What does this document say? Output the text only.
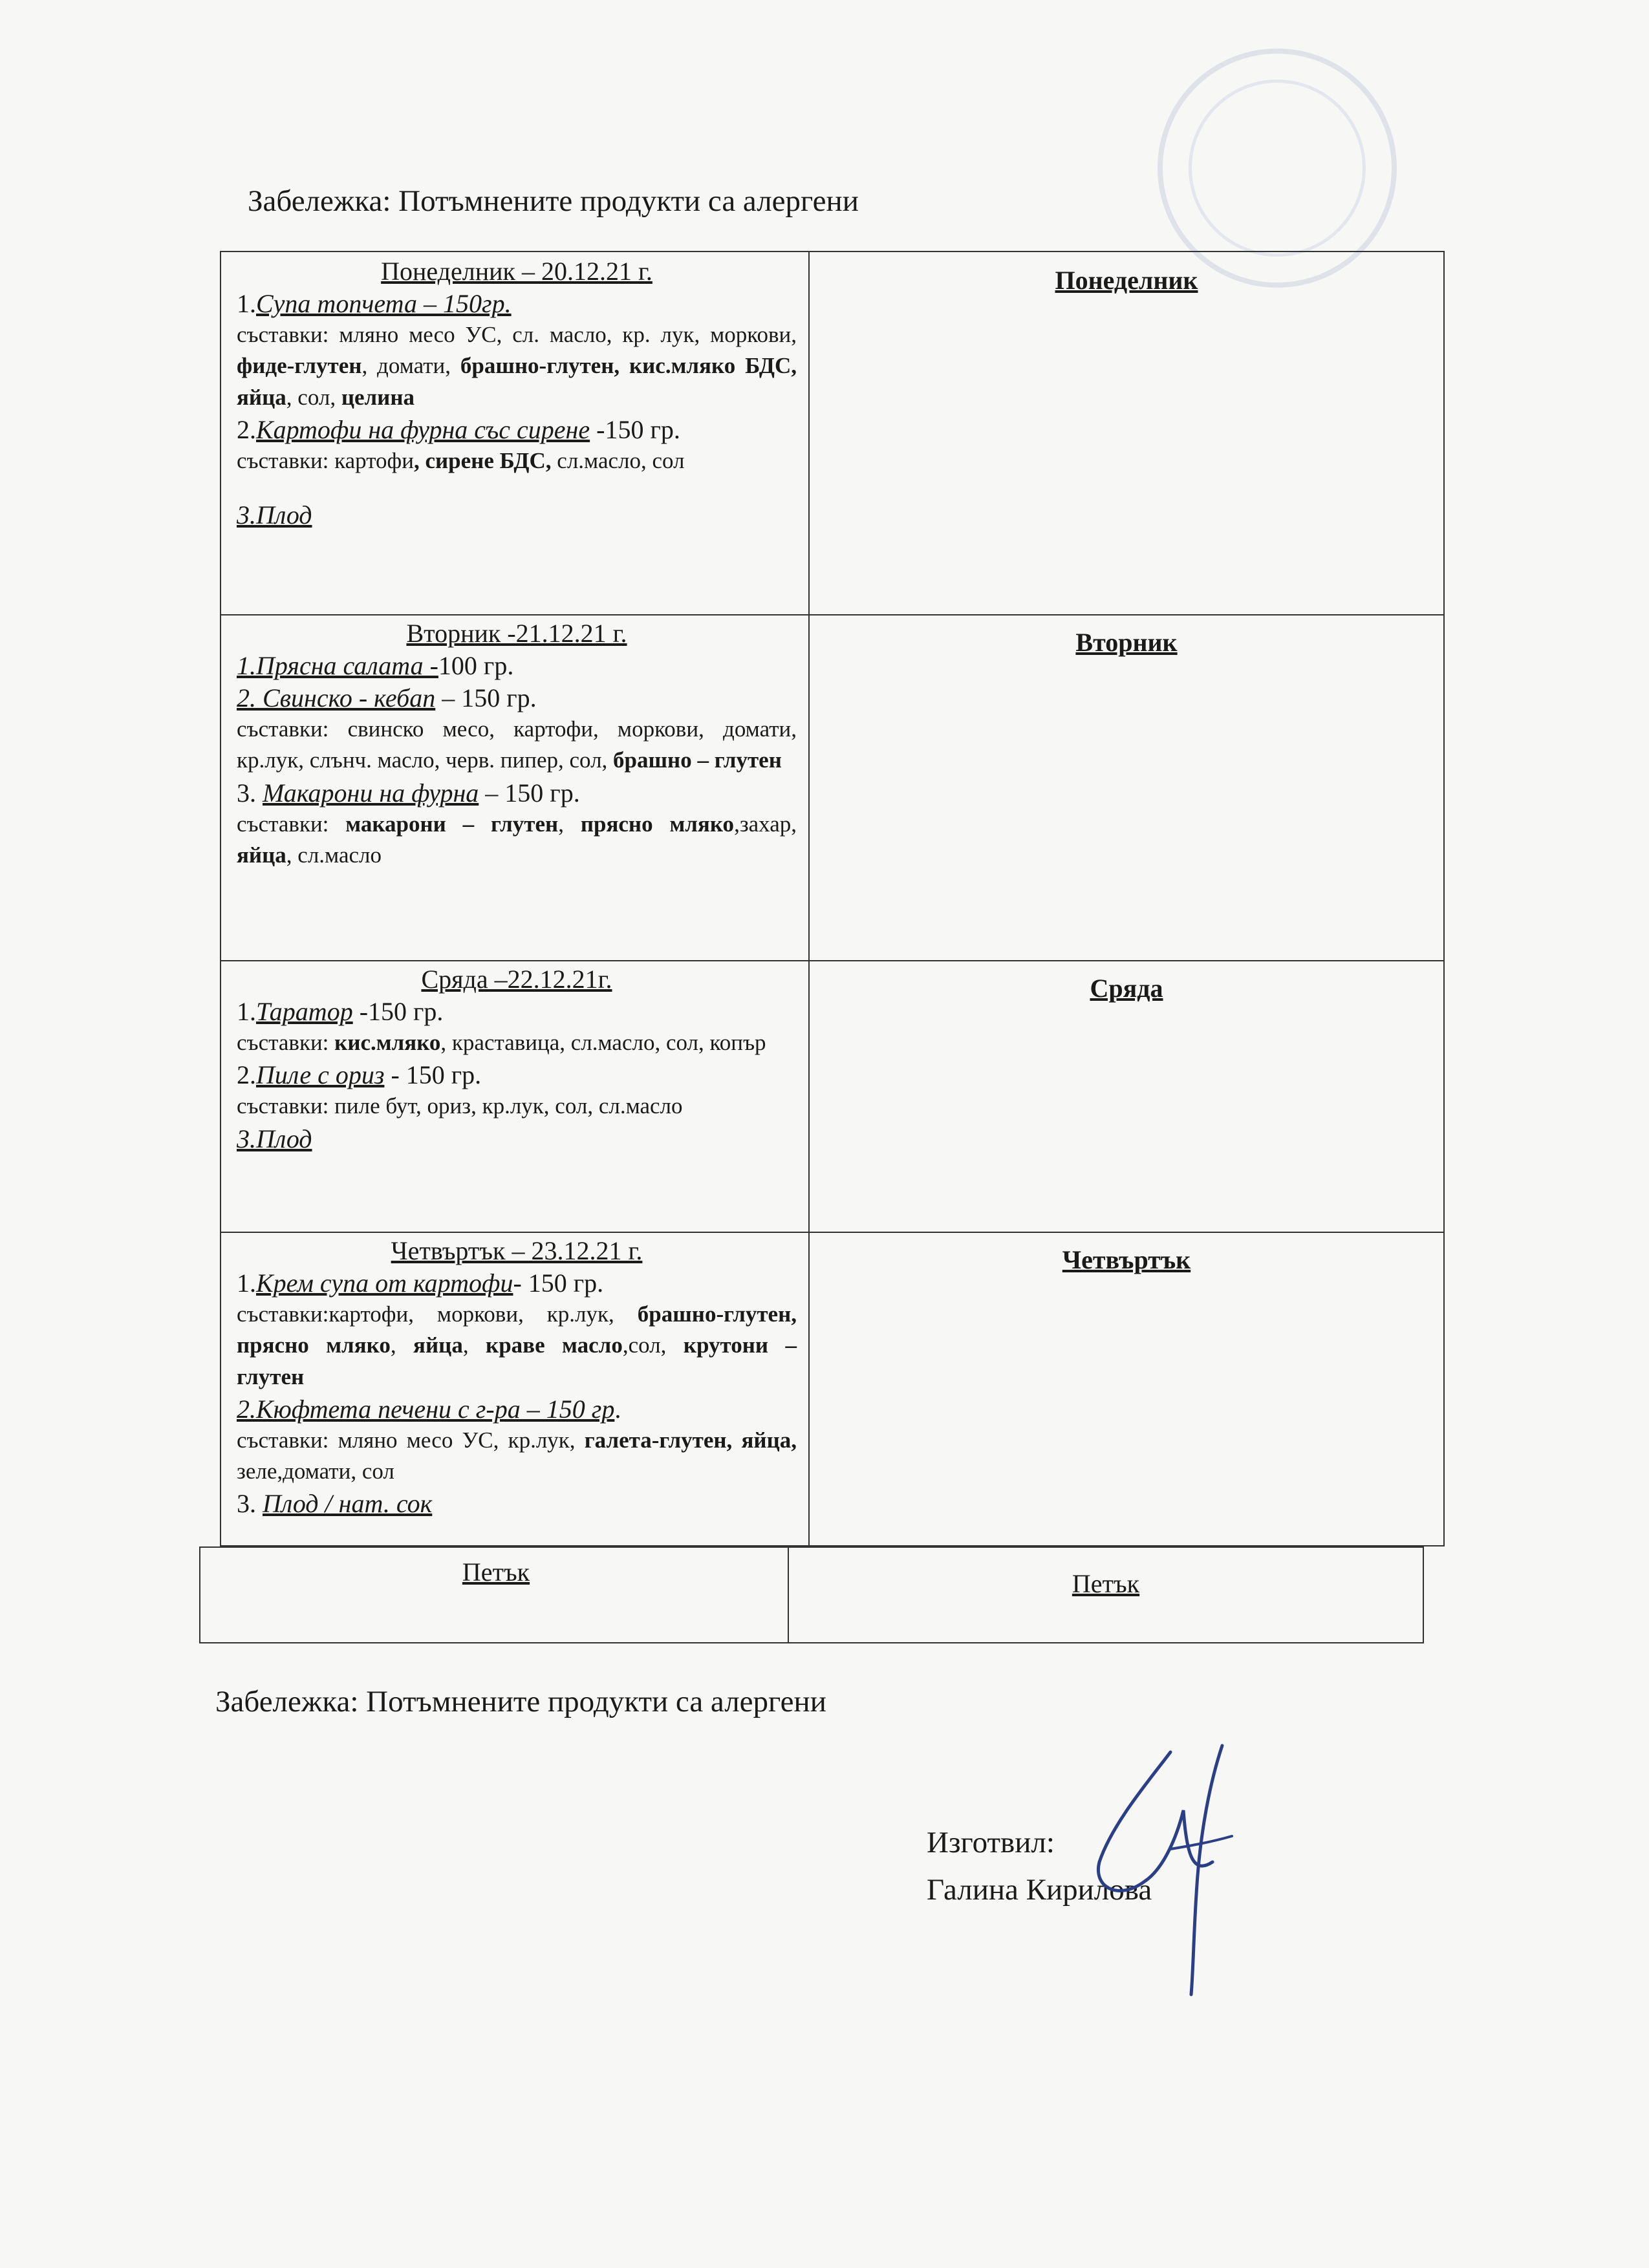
Забележка: Потъмнените продукти са алергени
Понеделник – 20.12.21 г.
1.Супа топчета – 150гр.
съставки: мляно месо УС, сл. масло, кр. лук, моркови, фиде-глутен, домати, брашно-глутен, кис.мляко БДС, яйца, сол, целина
2.Картофи на фурна със сирене -150 гр.
съставки: картофи, сирене БДС, сл.масло, сол
3.Плод
Понеделник
Вторник -21.12.21 г.
1.Прясна салата -100 гр.
2. Свинско - кебап – 150 гр.
съставки: свинско месо, картофи, моркови, домати, кр.лук, слънч. масло, черв. пипер, сол, брашно – глутен
3. Макарони на фурна – 150 гр.
съставки: макарони – глутен, прясно мляко,захар, яйца, сл.масло
Вторник
Сряда –22.12.21г.
1.Таратор -150 гр.
съставки: кис.мляко, краставица, сл.масло, сол, копър
2.Пиле с ориз - 150 гр.
съставки: пиле бут, ориз, кр.лук, сол, сл.масло
3.Плод
Сряда
Четвъртък – 23.12.21 г.
1.Крем супа от картофи- 150 гр.
съставки:картофи, моркови, кр.лук, брашно-глутен, прясно мляко, яйца, краве масло,сол, крутони – глутен
2.Кюфтета печени с г-ра – 150 гр.
съставки: мляно месо УС, кр.лук, галета-глутен, яйца, зеле,домати, сол
3. Плод / нат. сок
Четвъртък
Петък	Петък
Забележка: Потъмнените продукти са алергени
Изготвил:
Галина Кирилова
